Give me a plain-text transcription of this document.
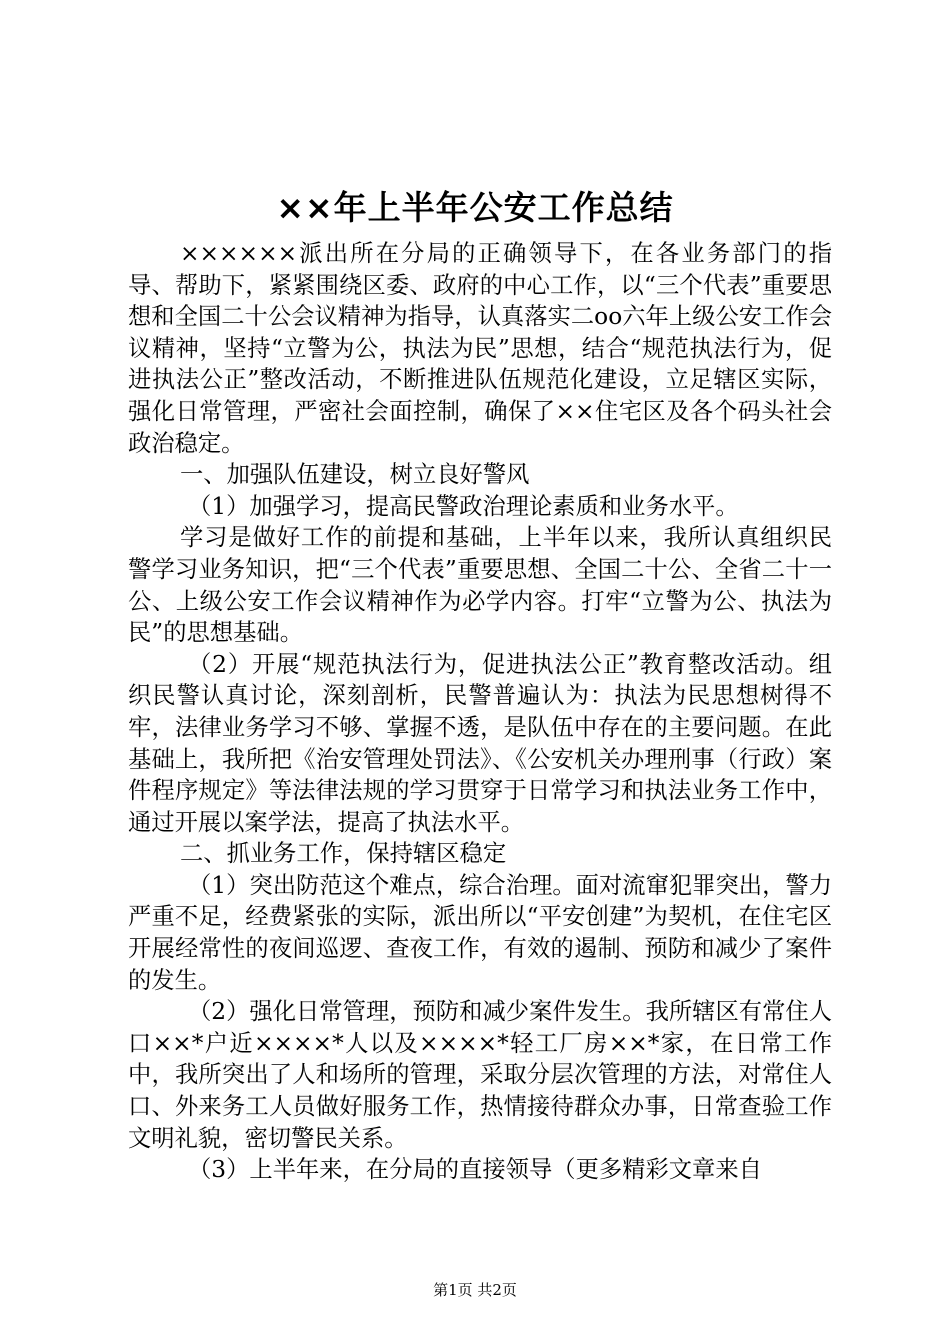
××年上半年公安工作总结

××××××派出所在分局的正确领导下，在各业务部门的指导、帮助下，紧紧围绕区委、政府的中心工作，以“三个代表”重要思想和全国二十公会议精神为指导，认真落实二oo六年上级公安工作会议精神，坚持“立警为公，执法为民”思想，结合“规范执法行为，促进执法公正”整改活动，不断推进队伍规范化建设，立足辖区实际，强化日常管理，严密社会面控制，确保了××住宅区及各个码头社会政治稳定。

一、加强队伍建设，树立良好警风

（1）加强学习，提高民警政治理论素质和业务水平。

学习是做好工作的前提和基础，上半年以来，我所认真组织民警学习业务知识，把“三个代表”重要思想、全国二十公、全省二十一公、上级公安工作会议精神作为必学内容。打牢“立警为公、执法为民”的思想基础。

（2）开展“规范执法行为，促进执法公正”教育整改活动。组织民警认真讨论，深刻剖析，民警普遍认为：执法为民思想树得不牢，法律业务学习不够、掌握不透，是队伍中存在的主要问题。在此基础上，我所把《治安管理处罚法》、《公安机关办理刑事（行政）案件程序规定》等法律法规的学习贯穿于日常学习和执法业务工作中，通过开展以案学法，提高了执法水平。

二、抓业务工作，保持辖区稳定

（1）突出防范这个难点，综合治理。面对流窜犯罪突出，警力严重不足，经费紧张的实际，派出所以“平安创建”为契机，在住宅区开展经常性的夜间巡逻、查夜工作，有效的遏制、预防和减少了案件的发生。

（2）强化日常管理，预防和减少案件发生。我所辖区有常住人口××*户近××××*人以及××××*轻工厂房××*家，在日常工作中，我所突出了人和场所的管理，采取分层次管理的方法，对常住人口、外来务工人员做好服务工作，热情接待群众办事，日常查验工作文明礼貌，密切警民关系。

（3）上半年来，在分局的直接领导（更多精彩文章来自

第1页 共2页
